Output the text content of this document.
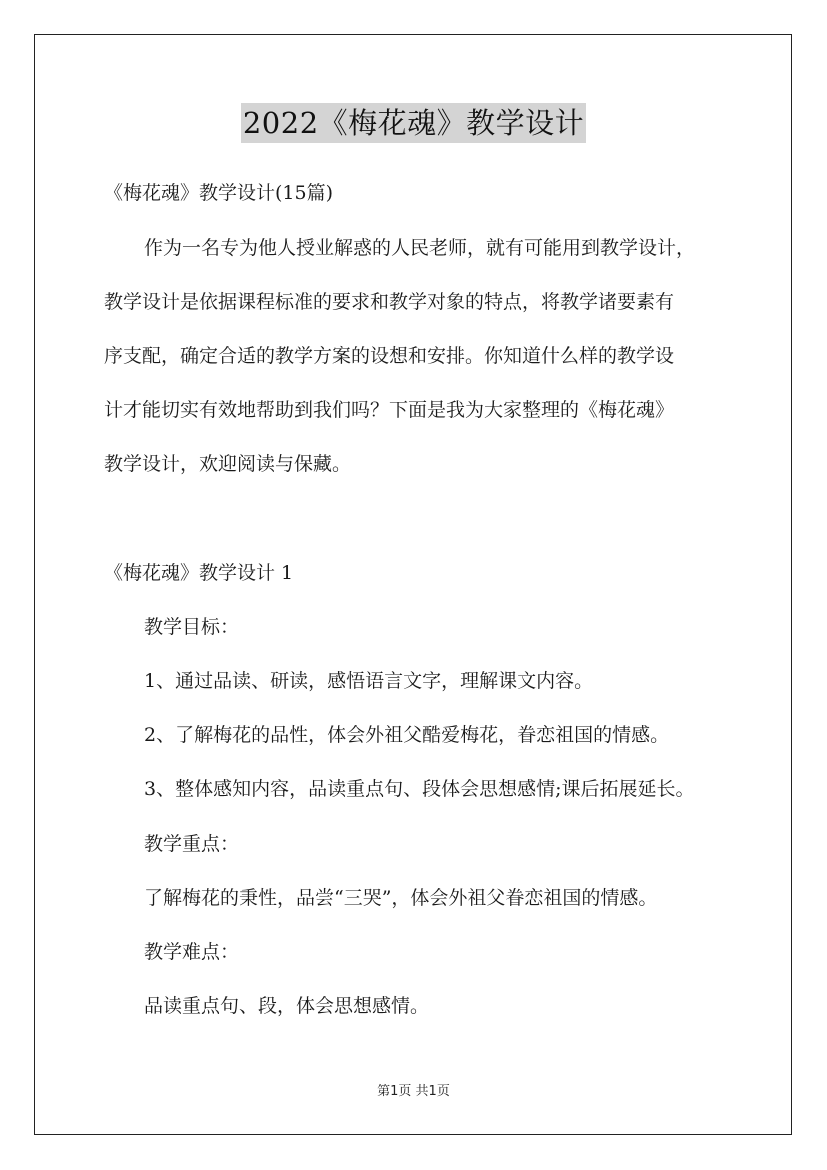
2022《梅花魂》教学设计
《梅花魂》教学设计(15篇)
作为一名专为他人授业解惑的人民老师，就有可能用到教学设计，
教学设计是依据课程标准的要求和教学对象的特点，将教学诸要素有
序支配，确定合适的教学方案的设想和安排。你知道什么样的教学设
计才能切实有效地帮助到我们吗？下面是我为大家整理的《梅花魂》
教学设计，欢迎阅读与保藏。
《梅花魂》教学设计 1
教学目标：
1、通过品读、研读，感悟语言文字，理解课文内容。
2、了解梅花的品性，体会外祖父酷爱梅花，眷恋祖国的情感。
3、整体感知内容，品读重点句、段体会思想感情;课后拓展延长。
教学重点：
了解梅花的秉性，品尝“三哭”，体会外祖父眷恋祖国的情感。
教学难点：
品读重点句、段，体会思想感情。
第1页 共1页
